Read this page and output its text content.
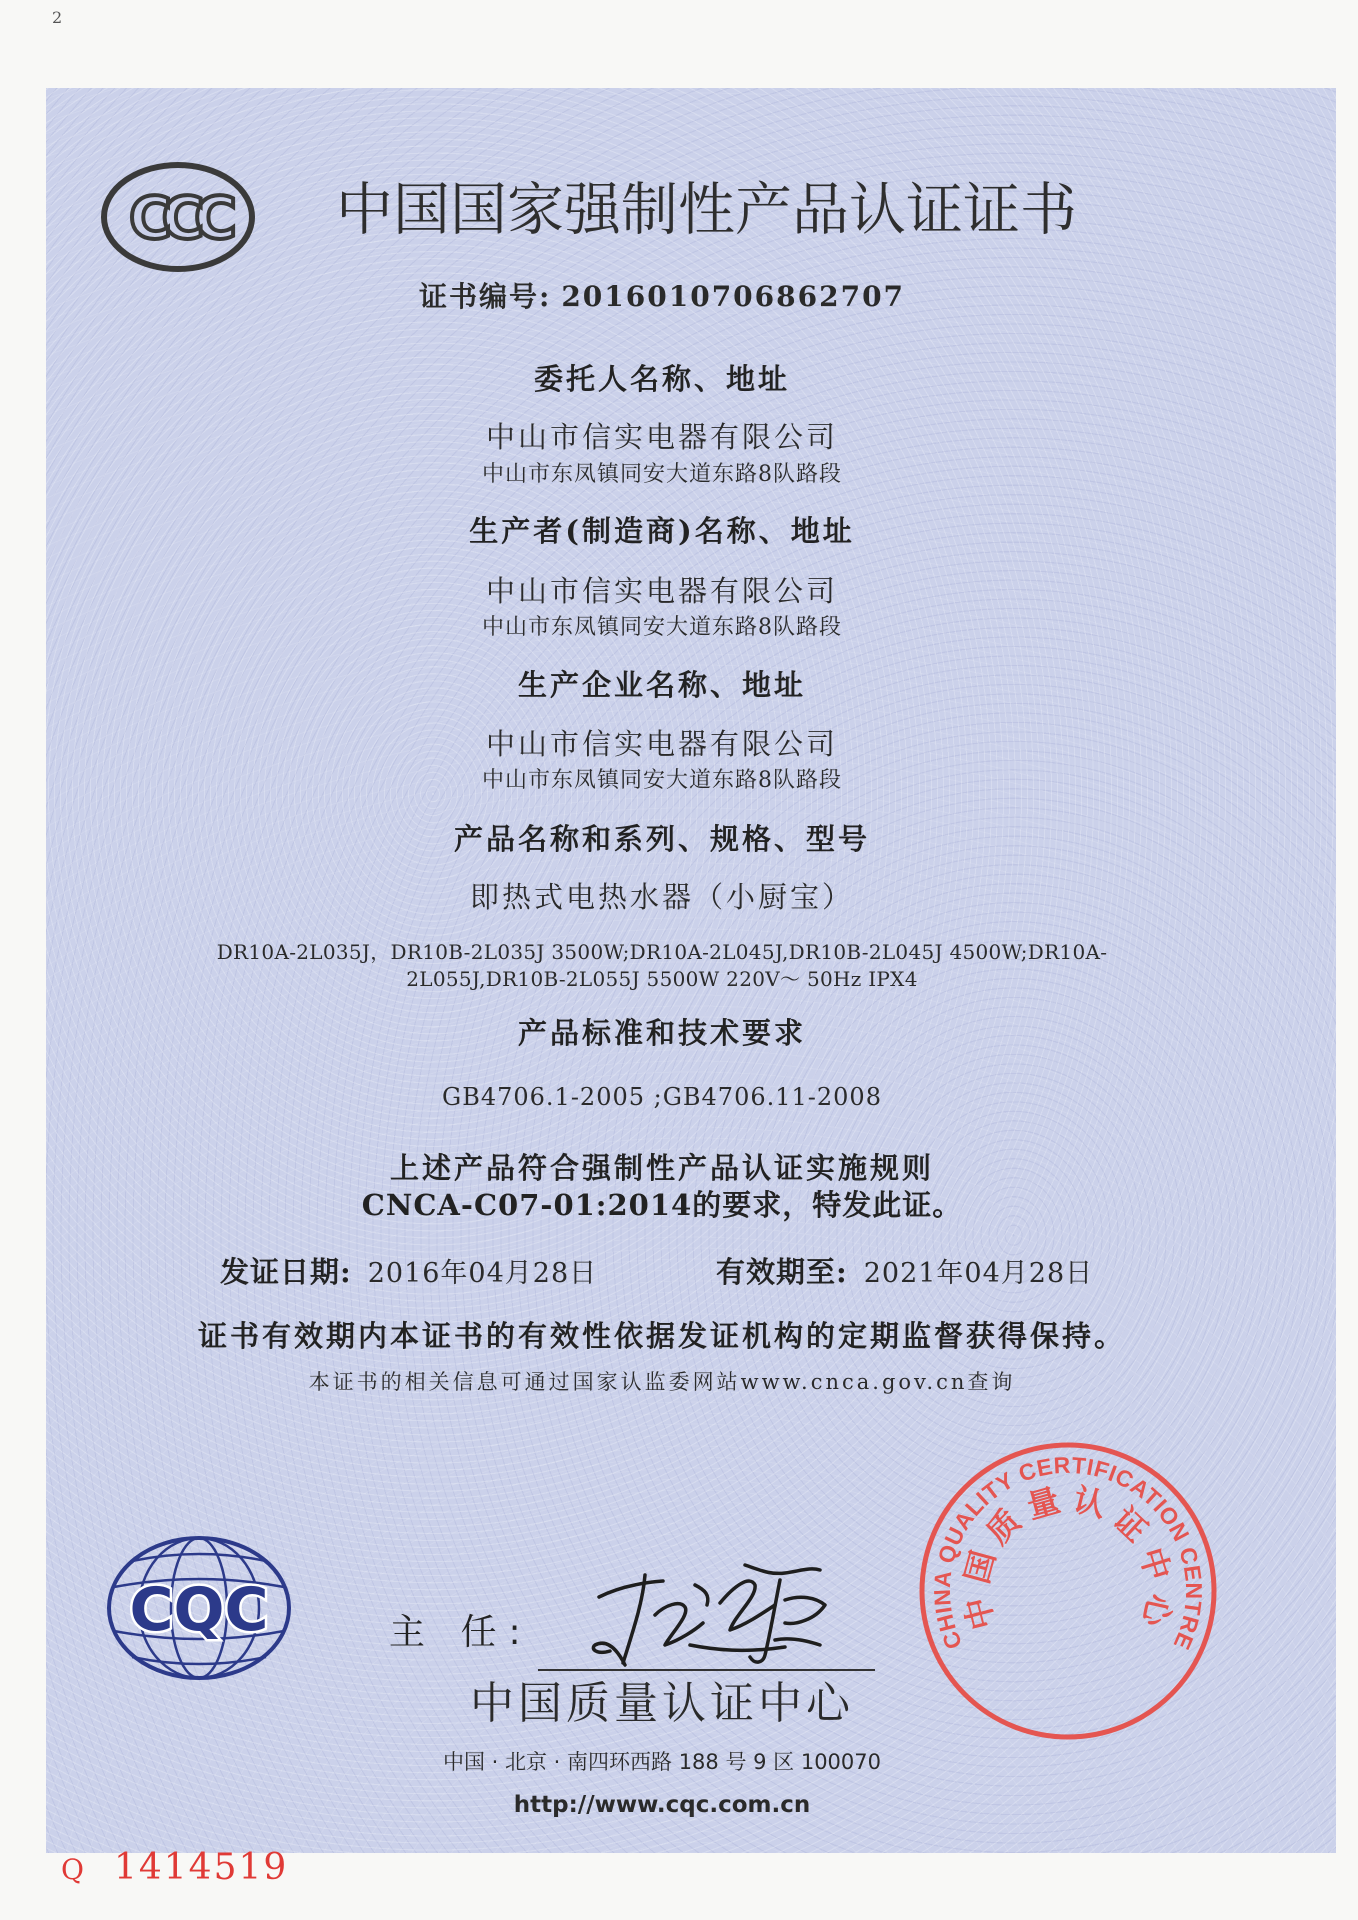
2
CCC 中国国家强制性产品认证证书
证书编号: 2016010706862707
委托人名称、地址
中山市信实电器有限公司
中山市东凤镇同安大道东路8队路段
生产者(制造商)名称、地址
中山市信实电器有限公司
中山市东凤镇同安大道东路8队路段
生产企业名称、地址
中山市信实电器有限公司
中山市东凤镇同安大道东路8队路段
产品名称和系列、规格、型号
即热式电热水器（小厨宝）
DR10A-2L035J，DR10B-2L035J 3500W;DR10A-2L045J,DR10B-2L045J 4500W;DR10A-
2L055J,DR10B-2L055J 5500W 220V～ 50Hz IPX4
产品标准和技术要求
GB4706.1-2005 ;GB4706.11-2008
上述产品符合强制性产品认证实施规则
CNCA-C07-01:2014的要求，特发此证。
发证日期: 2016年04月28日	有效期至: 2021年04月28日
证书有效期内本证书的有效性依据发证机构的定期监督获得保持。
本证书的相关信息可通过国家认监委网站www.cnca.gov.cn查询
CQC	主 任:	CHINA QUALITY CERTIFICATION CENTRE
中国质量认证中心
中国质量认证中心
中国 · 北京 · 南四环西路 188 号 9 区 100070
http://www.cqc.com.cn
Q 1414519
